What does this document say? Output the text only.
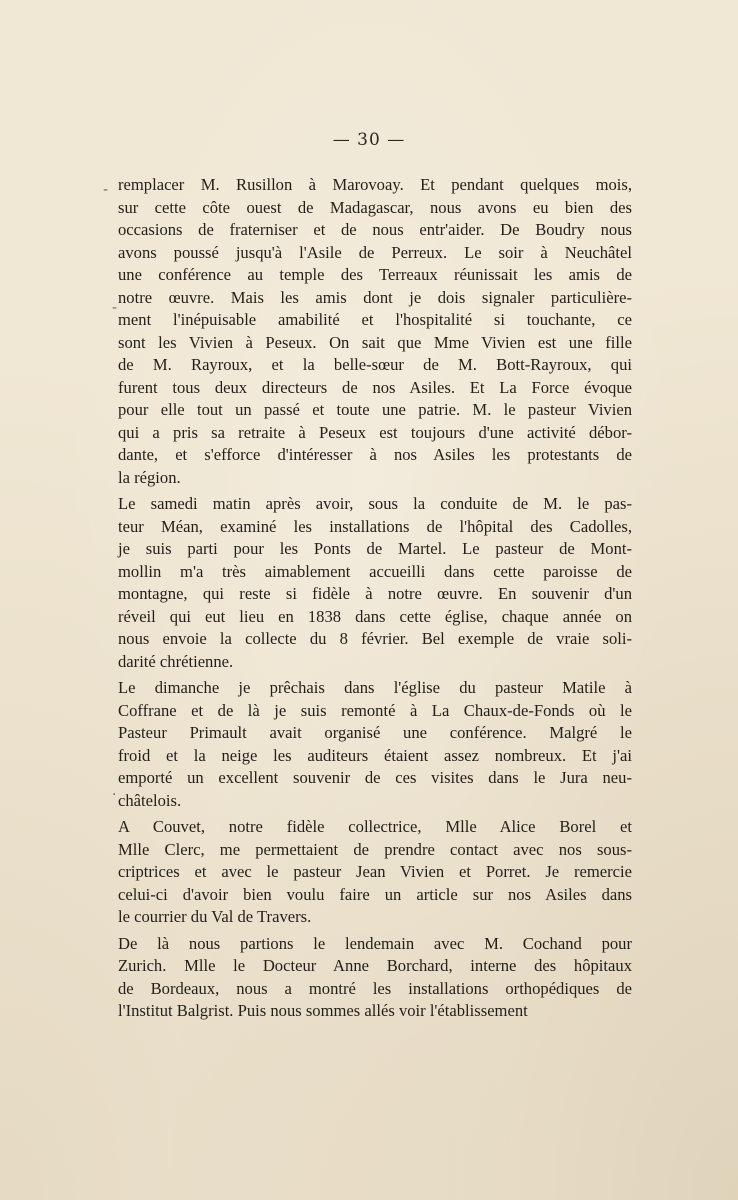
— 30 —

remplacer M. Rusillon à Marovoay. Et pendant quelques mois,
sur cette côte ouest de Madagascar, nous avons eu bien des
occasions de fraterniser et de nous entr'aider. De Boudry nous
avons poussé jusqu'à l'Asile de Perreux. Le soir à Neuchâtel
une conférence au temple des Terreaux réunissait les amis de
notre œuvre. Mais les amis dont je dois signaler particulière-
ment l'inépuisable amabilité et l'hospitalité si touchante, ce
sont les Vivien à Peseux. On sait que Mme Vivien est une fille
de M. Rayroux, et la belle-sœur de M. Bott-Rayroux, qui
furent tous deux directeurs de nos Asiles. Et La Force évoque
pour elle tout un passé et toute une patrie. M. le pasteur Vivien
qui a pris sa retraite à Peseux est toujours d'une activité débor-
dante, et s'efforce d'intéresser à nos Asiles les protestants de
la région.

Le samedi matin après avoir, sous la conduite de M. le pas-
teur Méan, examiné les installations de l'hôpital des Cadolles,
je suis parti pour les Ponts de Martel. Le pasteur de Mont-
mollin m'a très aimablement accueilli dans cette paroisse de
montagne, qui reste si fidèle à notre œuvre. En souvenir d'un
réveil qui eut lieu en 1838 dans cette église, chaque année on
nous envoie la collecte du 8 février. Bel exemple de vraie soli-
darité chrétienne.

Le dimanche je prêchais dans l'église du pasteur Matile à
Coffrane et de là je suis remonté à La Chaux-de-Fonds où le
Pasteur Primault avait organisé une conférence. Malgré le
froid et la neige les auditeurs étaient assez nombreux. Et j'ai
emporté un excellent souvenir de ces visites dans le Jura neu-
châtelois.

A Couvet, notre fidèle collectrice, Mlle Alice Borel et
Mlle Clerc, me permettaient de prendre contact avec nos sous-
criptrices et avec le pasteur Jean Vivien et Porret. Je remercie
celui-ci d'avoir bien voulu faire un article sur nos Asiles dans
le courrier du Val de Travers.

De là nous partions le lendemain avec M. Cochand pour
Zurich. Mlle le Docteur Anne Borchard, interne des hôpitaux
de Bordeaux, nous a montré les installations orthopédiques de
l'Institut Balgrist. Puis nous sommes allés voir l'établissement

-
-
·
